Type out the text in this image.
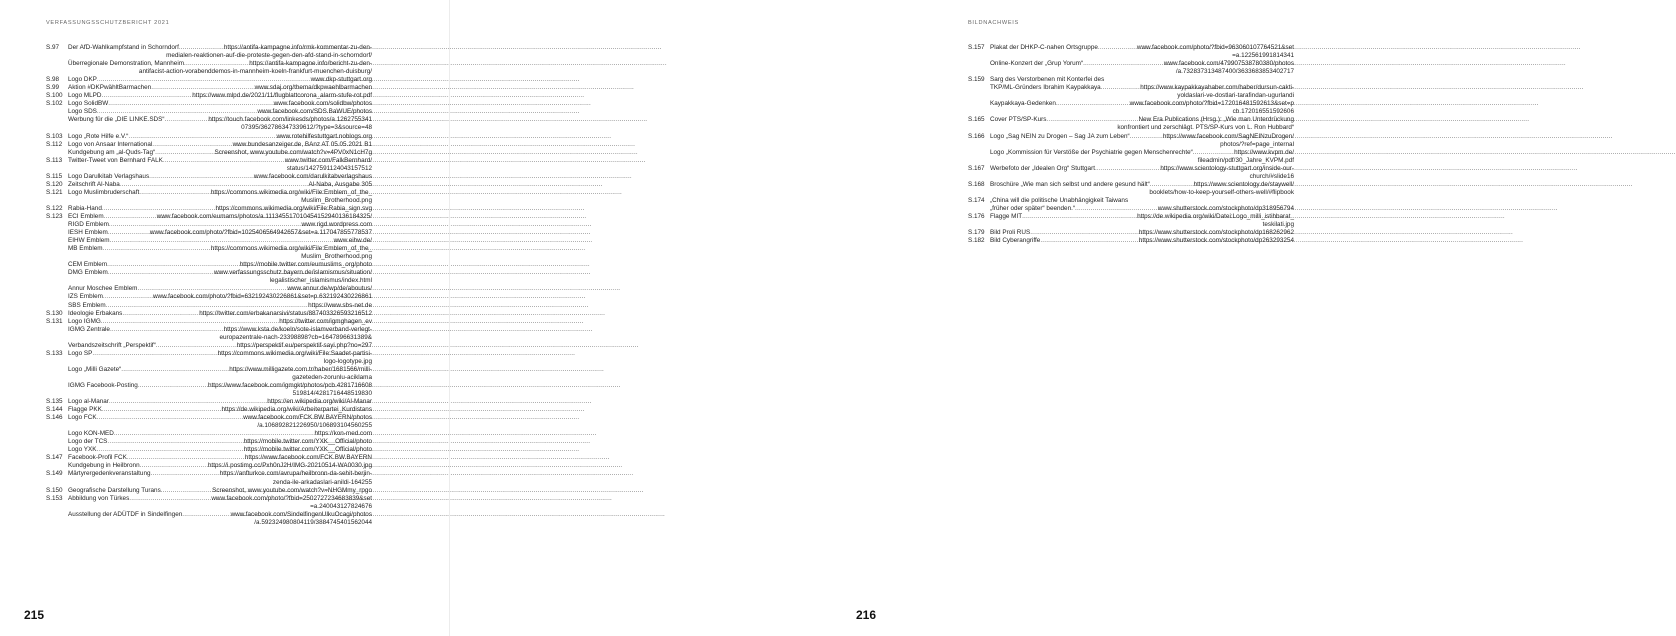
VERFASSUNGSSCHUTZBERICHT 2021
S.97	Der AfD-Wahlkampfstand in Schorndorf .....	https://antifa-kampagne.info/rmk-kommentar-zu-den-
medialen-reaktionen-auf-die-proteste-gegen-den-afd-stand-in-schorndorf/
Überregionale Demonstration, Mannheim .....	https://antifa-kampagne.info/bericht-zu-den-
antifacist-action-vorabenddemos-in-mannheim-koeln-frankfurt-muenchen-duisburg/
S.98	Logo DKP .....	www.dkp-stuttgart.org
S.99	Aktion #DKPwähltBarmachen .....	www.sdaj.org/thema/dkpwaehlbarmachen
S.100 Logo MLPD .....	https://www.mlpd.de/2021/11/flugblattcorona_alarm-stufe-rot.pdf
S.102 Logo SolidBW .....	www.facebook.com/solidbw/photos
Logo SDS .....	www.facebook.com/SDS.BaWUE/photos
Werbung für die „DIE LINKE.SDS“ .....	https://touch.facebook.com/linkesds/photos/a.1262755341
07395/362786347339612/?type=3&source=48
S.103 Logo „Rote Hilfe e.V.“ .....	www.rotehilfestuttgart.noblogs.org
S.112 Logo von Ansaar International .....	www.bundesanzeiger.de, BAnz AT 05.05.2021 B1
Kundgebung am „al-Quds-Tag“ .....	Screenshot, www.youtube.com/watch?v=4PV0xN1cH7g
S.113 Twitter-Tweet von Bernhard FALK .....	www.twitter.com/FalkBernhard/
status/1427591124043157512
S.115 Logo Darulkitab Verlagshaus .....	www.facebook.com/darulkitabverlagshaus
S.120 Zeitschrift Al-Naba .....	Al-Naba, Ausgabe 305
S.121 Logo Muslimbruderschaft .....	https://commons.wikimedia.org/wiki/File:Emblem_of_the_
Muslim_Brotherhood.png
S.122 Rabia-Hand .....	https://commons.wikimedia.org/wiki/File:Rabia_sign.svg
S.123 ECI Emblem .....	www.facebook.com/eumams/photos/a.111345517010454152940136184325/
RIGD Emblem .....	www.rigd.wordpress.com
IESH Emblem .....	www.facebook.com/photo/?fbid=1025406564942657&set=a.117047855778537
EIHW Emblem .....	www.eihw.de/
MB Emblem .....	https://commons.wikimedia.org/wiki/File:Emblem_of_the_
Muslim_Brotherhood.png
CEM Emblem .....	https://mobile.twitter.com/eumuslims_org/photo
DMG Emblem .....	www.verfassungsschutz.bayern.de/islamismus/situation/
legalistischer_islamismus/index.html
Annur Moschee Emblem .....	www.annur.de/wp/de/aboutus/
IZS Emblem .....	www.facebook.com/photo/?fbid=632192430226861&set=p.632192430226861
SBS Emblem .....	https://www.sbs-net.de
S.130 Ideologie Erbakans .....	https://twitter.com/erbakanarsivi/status/887403326593216512
S.131 Logo IGMG .....	https://twitter.com/igmghagen_ev
IGMG Zentrale .....	https://www.ksta.de/koeln/sote-islamverband-verlegt-
europazentrale-nach-23398898?cb=1647896631389&
Verbandszeitschrift „Perspektif“ .....	https://perspektif.eu/perspektif-sayi.php?no=297
S.133 Logo SP .....	https://commons.wikimedia.org/wiki/File:Saadet-partisi-
logo-logotype.jpg
Logo „Milli Gazete“ .....	https://www.milligazete.com.tr/haber/1681566/milli-
gazeteden-zorunlu-aciklama
IGMG Facebook-Posting .....	https://www.facebook.com/igmgkt/photos/pcb.4281716608
519814/4281716448519830
S.135 Logo al-Manar .....	https://en.wikipedia.org/wiki/Al-Manar
S.144 Flagge PKK .....	https://de.wikipedia.org/wiki/Arbeiterpartei_Kurdistans
S.146 Logo FCK .....	www.facebook.com/FCK.BW.BAYERN/photos
/a.106892821226950/106893104560255
Logo KON-MED .....	https://kon-med.com
Logo der TCS .....	https://mobile.twitter.com/YXK__Official/photo
Logo YXK .....	https://mobile.twitter.com/YXK__Official/photo
S.147 Facebook-Profil FCK .....	https://www.facebook.com/FCK.BW.BAYERN
Kundgebung in Heilbronn .....	https://i.postimg.cc/Pxh0nJ2H/IMG-20210514-WA0030.jpg
S.149 Märtyrergedenkveranstaltung .....	https://anfturkce.com/avrupa/heilbronn-da-sehit-berjin-
zenda-ile-arkadaslari-anildi-164255
S.150 Geografische Darstellung Turans .....	Screenshot, www.youtube.com/watch?v=NHGMmy_rpgo
S.153 Abbildung von Türkes .....	www.facebook.com/photo/?fbid=2502727234683839&set
=a.240043127824676
Ausstellung der ADÜTDF in Sindelfingen .....	www.facebook.com/SindelfingenUlkuOcagi/photos
/a.592324980804119/3884745401562044
215
BILDNACHWEIS
S.157 Plakat der DHKP-C-nahen Ortsgruppe .....	www.facebook.com/photo/?fbid=963060107764521&set
=a.122561991814341
Online-Konzert der „Grup Yorum“ .....	www.facebook.com/479907538780380/photos
/a.732837313487400/3633683853402717
S.159 Sarg des Verstorbenen mit Konterfei des
TKP/ML-Gründers Ibrahim Kaypakkaya .....	https://www.kaypakkayahaber.com/haber/dursun-cakti-
yoldaslari-ve-dostlari-tarafindan-ugurlandi
Kaypakkaya-Gedenken .....	www.facebook.com/photo/?fbid=172016481592613&set=p
cb.172016551592606
S.165 Cover PTS/SP-Kurs .....	New Era Publications (Hrsg.): „Wie man Unterdrückung
konfrontiert und zerschlägt. PTS/SP-Kurs von L. Ron Hubbard“
S.166 Logo „Sag NEIN zu Drogen – Sag JA zum Leben“ .....	https://www.facebook.com/SagNEINzuDrogen/
photos/?ref=page_internal
Logo „Kommission für Verstöße der Psychiatrie gegen Menschenrechte“ .....	https://www.kvpm.de/
fileadmin/pdf/30_Jahre_KVPM.pdf
S.167 Werbefoto der „Idealen Org“ Stuttgart .....	https://www.scientology-stuttgart.org/inside-our-
church/#slide16
S.168 Broschüre „Wie man sich selbst und andere gesund hält“ .....	https://www.scientology.de/staywell/
booklets/how-to-keep-yourself-others-well/#flipbook
S.174 „China will die politische Unabhängigkeit Taiwans
„früher oder später“ beenden.“ .....	www.shutterstock.com/stockphoto/dp318956794
S.176 Flagge MIT .....	https://de.wikipedia.org/wiki/Datei:Logo_milli_istihbarat_
teskilati.jpg
S.179 Bild Proli RUS .....	https://www.shutterstock.com/stockphoto/dp168262962
S.182 Bild Cyberangriffe .....	https://www.shutterstock.com/stockphoto/dp263293254
216
